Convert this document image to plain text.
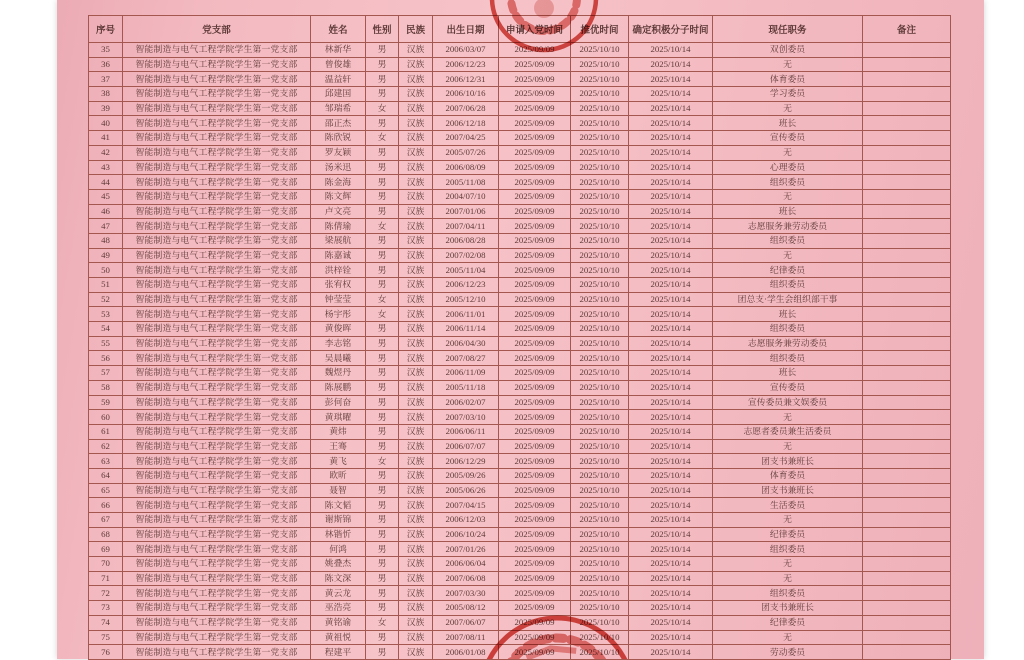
序号	党支部	姓名	性别	民族	出生日期	申请入党时间	推优时间	确定积极分子时间	现任职务	备注
35	智能制造与电气工程学院学生第一党支部	林新华	男	汉族	2006/03/07	2025/09/09	2025/10/10	2025/10/14	双创委员	
36	智能制造与电气工程学院学生第一党支部	曾俊雄	男	汉族	2006/12/23	2025/09/09	2025/10/10	2025/10/14	无	
37	智能制造与电气工程学院学生第一党支部	温益轩	男	汉族	2006/12/31	2025/09/09	2025/10/10	2025/10/14	体育委员	
38	智能制造与电气工程学院学生第一党支部	邱建国	男	汉族	2006/10/16	2025/09/09	2025/10/10	2025/10/14	学习委员	
39	智能制造与电气工程学院学生第一党支部	邹瑞希	女	汉族	2007/06/28	2025/09/09	2025/10/10	2025/10/14	无	
40	智能制造与电气工程学院学生第一党支部	邵正杰	男	汉族	2006/12/18	2025/09/09	2025/10/10	2025/10/14	班长	
41	智能制造与电气工程学院学生第一党支部	陈欣锐	女	汉族	2007/04/25	2025/09/09	2025/10/10	2025/10/14	宣传委员	
42	智能制造与电气工程学院学生第一党支部	罗友颖	男	汉族	2005/07/26	2025/09/09	2025/10/10	2025/10/14	无	
43	智能制造与电气工程学院学生第一党支部	汤米迅	男	汉族	2006/08/09	2025/09/09	2025/10/10	2025/10/14	心理委员	
44	智能制造与电气工程学院学生第一党支部	陈金海	男	汉族	2005/11/08	2025/09/09	2025/10/10	2025/10/14	组织委员	
45	智能制造与电气工程学院学生第一党支部	陈文辉	男	汉族	2004/07/10	2025/09/09	2025/10/10	2025/10/14	无	
46	智能制造与电气工程学院学生第一党支部	卢文亮	男	汉族	2007/01/06	2025/09/09	2025/10/10	2025/10/14	班长	
47	智能制造与电气工程学院学生第一党支部	陈倩瑜	女	汉族	2007/04/11	2025/09/09	2025/10/10	2025/10/14	志愿服务兼劳动委员	
48	智能制造与电气工程学院学生第一党支部	梁展航	男	汉族	2006/08/28	2025/09/09	2025/10/10	2025/10/14	组织委员	
49	智能制造与电气工程学院学生第一党支部	陈嘉诚	男	汉族	2007/02/08	2025/09/09	2025/10/10	2025/10/14	无	
50	智能制造与电气工程学院学生第一党支部	洪梓铨	男	汉族	2005/11/04	2025/09/09	2025/10/10	2025/10/14	纪律委员	
51	智能制造与电气工程学院学生第一党支部	张宥权	男	汉族	2006/12/23	2025/09/09	2025/10/10	2025/10/14	组织委员	
52	智能制造与电气工程学院学生第一党支部	钟莹莹	女	汉族	2005/12/10	2025/09/09	2025/10/10	2025/10/14	团总支·学生会组织部干事	
53	智能制造与电气工程学院学生第一党支部	杨宇彤	女	汉族	2006/11/01	2025/09/09	2025/10/10	2025/10/14	班长	
54	智能制造与电气工程学院学生第一党支部	黄俊晖	男	汉族	2006/11/14	2025/09/09	2025/10/10	2025/10/14	组织委员	
55	智能制造与电气工程学院学生第一党支部	李志铭	男	汉族	2006/04/30	2025/09/09	2025/10/10	2025/10/14	志愿服务兼劳动委员	
56	智能制造与电气工程学院学生第一党支部	吴晨曦	男	汉族	2007/08/27	2025/09/09	2025/10/10	2025/10/14	组织委员	
57	智能制造与电气工程学院学生第一党支部	魏煜丹	男	汉族	2006/11/09	2025/09/09	2025/10/10	2025/10/14	班长	
58	智能制造与电气工程学院学生第一党支部	陈展鹏	男	汉族	2005/11/18	2025/09/09	2025/10/10	2025/10/14	宣传委员	
59	智能制造与电气工程学院学生第一党支部	彭何奋	男	汉族	2006/02/07	2025/09/09	2025/10/10	2025/10/14	宣传委员兼文娱委员	
60	智能制造与电气工程学院学生第一党支部	黄琪曜	男	汉族	2007/03/10	2025/09/09	2025/10/10	2025/10/14	无	
61	智能制造与电气工程学院学生第一党支部	黄炜	男	汉族	2006/06/11	2025/09/09	2025/10/10	2025/10/14	志愿者委员兼生活委员	
62	智能制造与电气工程学院学生第一党支部	王骞	男	汉族	2006/07/07	2025/09/09	2025/10/10	2025/10/14	无	
63	智能制造与电气工程学院学生第一党支部	黄飞	女	汉族	2006/12/29	2025/09/09	2025/10/10	2025/10/14	团支书兼班长	
64	智能制造与电气工程学院学生第一党支部	欧昕	男	汉族	2005/09/26	2025/09/09	2025/10/10	2025/10/14	体育委员	
65	智能制造与电气工程学院学生第一党支部	聂智	男	汉族	2005/06/26	2025/09/09	2025/10/10	2025/10/14	团支书兼班长	
66	智能制造与电气工程学院学生第一党支部	陈文韬	男	汉族	2007/04/15	2025/09/09	2025/10/10	2025/10/14	生活委员	
67	智能制造与电气工程学院学生第一党支部	谢斯锦	男	汉族	2006/12/03	2025/09/09	2025/10/10	2025/10/14	无	
68	智能制造与电气工程学院学生第一党支部	林锴忻	男	汉族	2006/10/24	2025/09/09	2025/10/10	2025/10/14	纪律委员	
69	智能制造与电气工程学院学生第一党支部	何鸿	男	汉族	2007/01/26	2025/09/09	2025/10/10	2025/10/14	组织委员	
70	智能制造与电气工程学院学生第一党支部	姚叠杰	男	汉族	2006/06/04	2025/09/09	2025/10/10	2025/10/14	无	
71	智能制造与电气工程学院学生第一党支部	陈文深	男	汉族	2007/06/08	2025/09/09	2025/10/10	2025/10/14	无	
72	智能制造与电气工程学院学生第一党支部	黄云龙	男	汉族	2007/03/30	2025/09/09	2025/10/10	2025/10/14	组织委员	
73	智能制造与电气工程学院学生第一党支部	巫浩亮	男	汉族	2005/08/12	2025/09/09	2025/10/10	2025/10/14	团支书兼班长	
74	智能制造与电气工程学院学生第一党支部	黄铭谕	女	汉族	2007/06/07	2025/09/09	2025/10/10	2025/10/14	纪律委员	
75	智能制造与电气工程学院学生第一党支部	黄祖悦	男	汉族	2007/08/11	2025/09/09	2025/10/10	2025/10/14	无	
76	智能制造与电气工程学院学生第一党支部	程建平	男	汉族	2006/01/08	2025/09/09	2025/10/10	2025/10/14	劳动委员	
